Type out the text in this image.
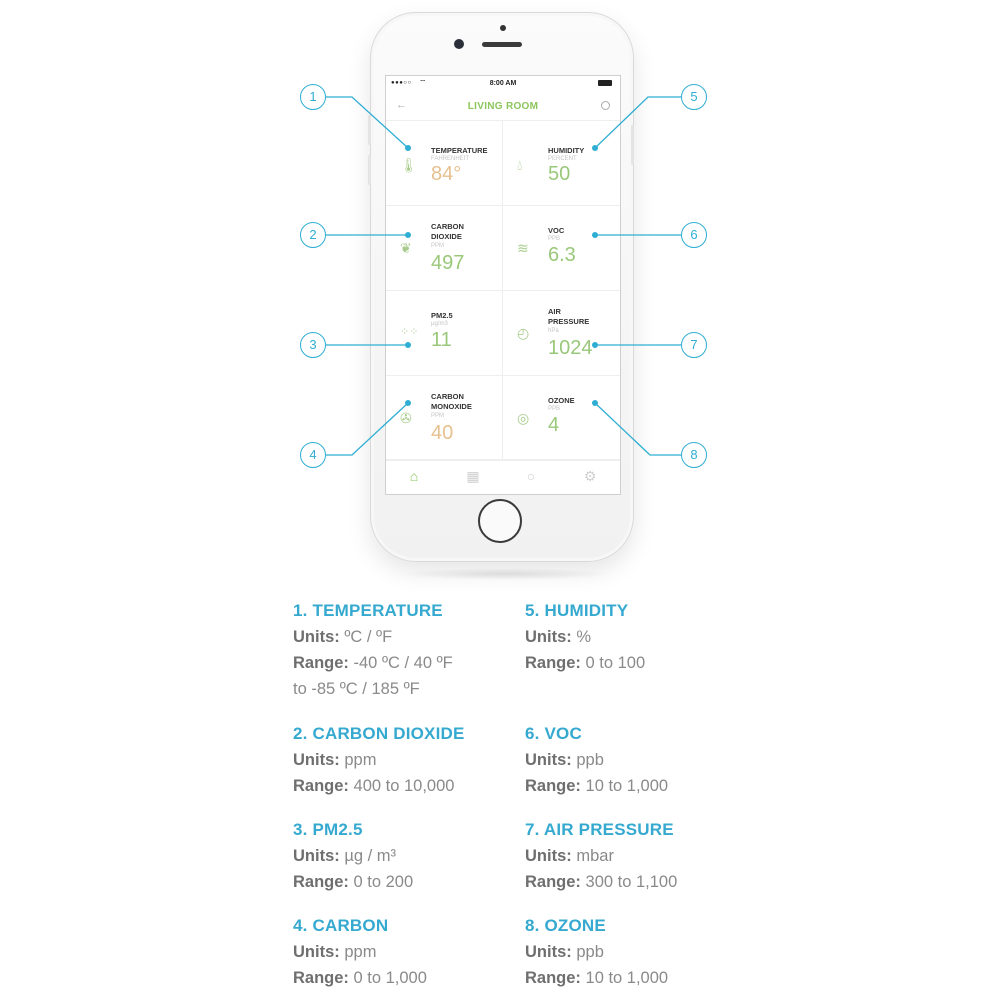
●●●○○ ⌔	8:00 AM
←	LIVING ROOM
🌡︎
TEMPERATURE
FAHRENHEIT
84°	💧︎
HUMIDITY
PERCENT
50
❦
CARBON DIOXIDE
PPM
497
≋
VOC
PPB
6.3
⁘⁘
PM2.5
µg/m3
11	◴
AIR PRESSURE
hPa
1024
✇
CARBON MONOXIDE
PPM
40
◎
OZONE
PPB
4
⌂	▦	○	⚙
1
2
3
4
5
6
7
8
1. TEMPERATURE
Units: ºC / ºF
Range: -40 ºC / 40 ºF
to -85 ºC / 185 ºF
5. HUMIDITY
Units: %
Range: 0 to 100
2. CARBON DIOXIDE
Units: ppm
Range: 400 to 10,000
6. VOC
Units: ppb
Range: 10 to 1,000
3. PM2.5
Units: µg / m³
Range: 0 to 200
7. AIR PRESSURE
Units: mbar
Range: 300 to 1,100
4. CARBON
Units: ppm
Range: 0 to 1,000
8. OZONE
Units: ppb
Range: 10 to 1,000
